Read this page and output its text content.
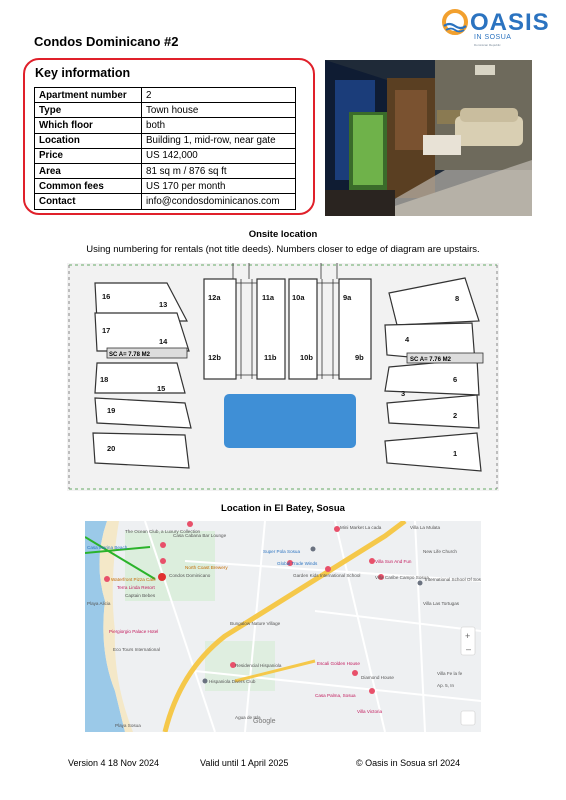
Condos Dominicano #2
OASIS
IN SOSUA
Dominican Republic
Key information
Apartment number	2
Type	Town house
Which floor	both
Location	Building 1, mid-row, near gate
Price	US 142,000
Area	81 sq m / 876 sq ft
Common fees	US 170 per month
Contact	info@condosdominicanos.com
Onsite location
Using numbering for rentals (not title deeds). Numbers closer to edge of diagram are upstairs.
SC A= 7.78 M2
SC A= 7.76 M2
16
13
17
14
18
15
19
20
12a
12b
11a
11b
10a
10b
9a
9b
8
4
6
3
2
1
Location in El Batey, Sosua
Casa Cabana Bar Lounge
Super Pola Sosua
Mini Market La cada	Villa La Mulata
New Life Church
Casa Marina Beach
The Ocean Club, a Luxury Collection
Condos Dominicano
North Coast Brewery
Global Trade Winds
Garden Kids International School
Villa Sun And Fun
Villa Caribe Campo Sosua
International School Of Sosua
Waterfront Pizza Café
Terra Linda Resort
Captain Bebes
Playa Alicia	Villa Las Tortugas
Piergiorgio Palace Hotel
Bungalow Nature Village
Eco Tours International
Residencial Hispaniola
Hispaniola Divers Club
Escali Golden House
Diamond House
Casa Palma, Sosua
Villa Victoria
Agua de Isla
Playa Sosua
Villa Fe la fe
Ap. 5, In
Google
+
–
Version 4 18 Nov 2024	Valid until 1 April 2025	© Oasis in Sosua srl 2024
